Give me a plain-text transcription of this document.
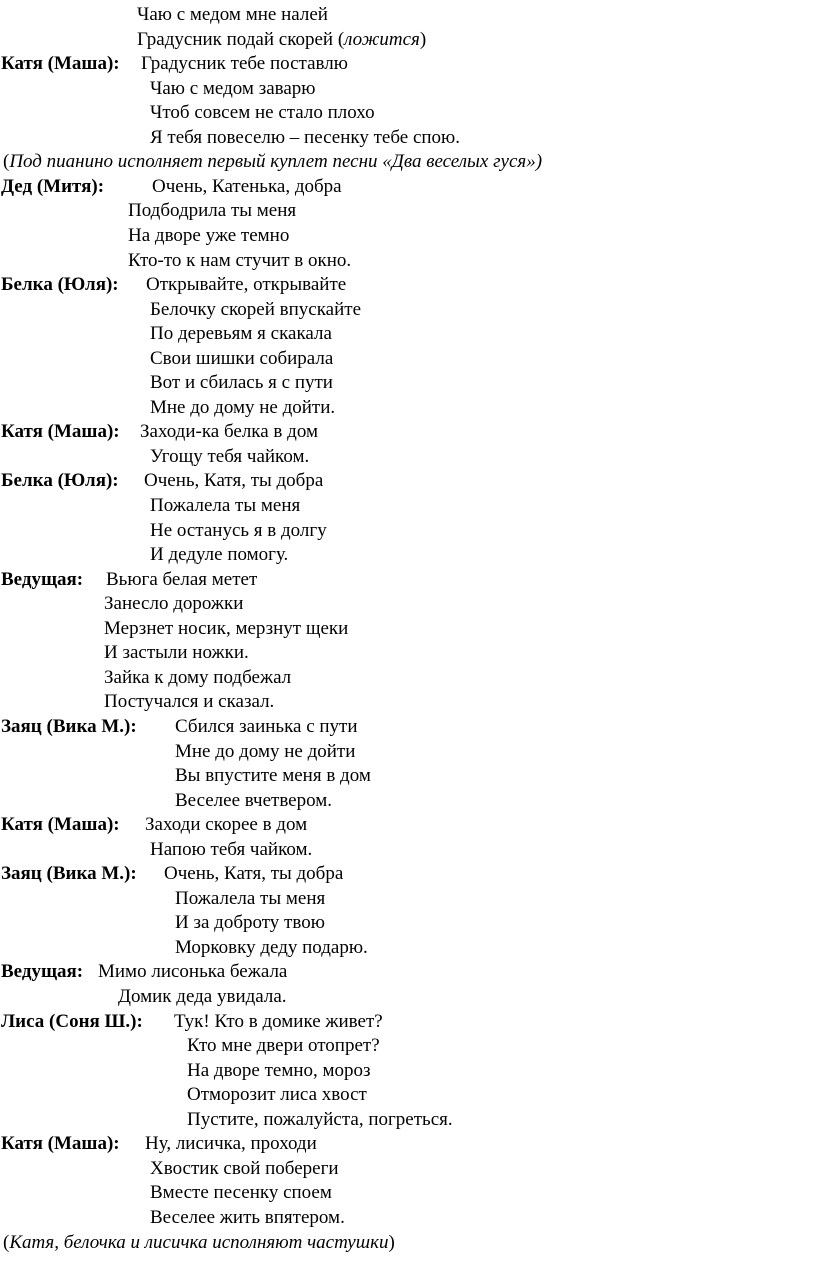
Чаю с медом мне налей
Градусник подай скорей (ложится)
Катя (Маша): Градусник тебе поставлю
Чаю с медом заварю
Чтоб совсем не стало плохо
Я тебя повеселю – песенку тебе спою.
(Под пианино исполняет первый куплет песни «Два веселых гуся»)
Дед (Митя):	Очень, Катенька, добра
Подбодрила ты меня
На дворе уже темно
Кто-то к нам стучит в окно.
Белка (Юля): Открывайте, открывайте
Белочку скорей впускайте
По деревьям я скакала
Свои шишки собирала
Вот и сбилась я с пути
Мне до дому не дойти.
Катя (Маша): Заходи-ка белка в дом
Угощу тебя чайком.
Белка (Юля): Очень, Катя, ты добра
Пожалела ты меня
Не останусь я в долгу
И дедуле помогу.
Ведущая: Вьюга белая метет
Занесло дорожки
Мерзнет носик, мерзнут щеки
И застыли ножки.
Зайка к дому подбежал
Постучался и сказал.
Заяц (Вика М.): Сбился заинька с пути
Мне до дому не дойти
Вы впустите меня в дом
Веселее вчетвером.
Катя (Маша): Заходи скорее в дом
Напою тебя чайком.
Заяц (Вика М.): Очень, Катя, ты добра
Пожалела ты меня
И за доброту твою
Морковку деду подарю.
Ведущая: Мимо лисонька бежала
Домик деда увидала.
Лиса (Соня Ш.): Тук! Кто в домике живет?
Кто мне двери отопрет?
На дворе темно, мороз
Отморозит лиса хвост
Пустите, пожалуйста, погреться.
Катя (Маша): Ну, лисичка, проходи
Хвостик свой побереги
Вместе песенку споем
Веселее жить впятером.
(Катя, белочка и лисичка исполняют частушки)
